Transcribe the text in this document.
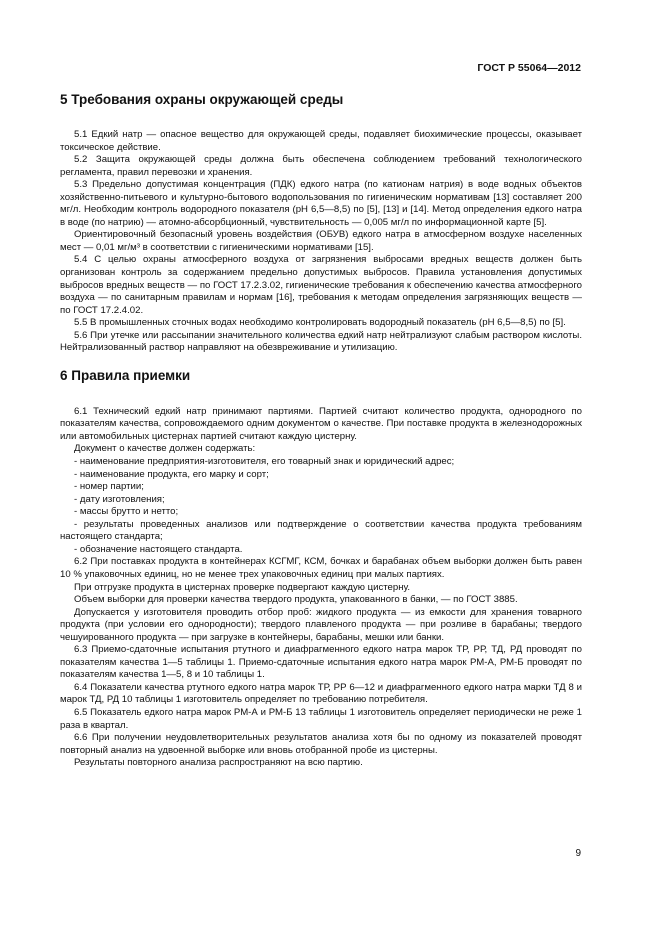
ГОСТ Р 55064—2012
5 Требования охраны окружающей среды

5.1 Едкий натр — опасное вещество для окружающей среды, подавляет биохимические процессы, оказывает токсическое действие.

5.2 Защита окружающей среды должна быть обеспечена соблюдением требований технологического регламента, правил перевозки и хранения.

5.3 Предельно допустимая концентрация (ПДК) едкого натра (по катионам натрия) в воде водных объектов хозяйственно-питьевого и культурно-бытового водопользования по гигиеническим нормативам [13] составляет 200 мг/л. Необходим контроль водородного показателя (pH 6,5—8,5) по [5], [13] и [14]. Метод определения едкого натра в воде (по натрию) — атомно-абсорбционный, чувствительность — 0,005 мг/л по информационной карте [5].

Ориентировочный безопасный уровень воздействия (ОБУВ) едкого натра в атмосферном воздухе населенных мест — 0,01 мг/м³ в соответствии с гигиеническими нормативами [15].

5.4 С целью охраны атмосферного воздуха от загрязнения выбросами вредных веществ должен быть организован контроль за содержанием предельно допустимых выбросов. Правила установления допустимых выбросов вредных веществ — по ГОСТ 17.2.3.02, гигиенические требования к обеспечению качества атмосферного воздуха — по санитарным правилам и нормам [16], требования к методам определения загрязняющих веществ — по ГОСТ 17.2.4.02.

5.5 В промышленных сточных водах необходимо контролировать водородный показатель (pH 6,5—8,5) по [5].

5.6 При утечке или рассыпании значительного количества едкий натр нейтрализуют слабым раствором кислоты. Нейтрализованный раствор направляют на обезвреживание и утилизацию.

6 Правила приемки

6.1 Технический едкий натр принимают партиями. Партией считают количество продукта, однородного по показателям качества, сопровождаемого одним документом о качестве. При поставке продукта в железнодорожных или автомобильных цистернах партией считают каждую цистерну.

Документ о качестве должен содержать:

- наименование предприятия-изготовителя, его товарный знак и юридический адрес;

- наименование продукта, его марку и сорт;

- номер партии;

- дату изготовления;

- массы брутто и нетто;

- результаты проведенных анализов или подтверждение о соответствии качества продукта требованиям настоящего стандарта;

- обозначение настоящего стандарта.

6.2 При поставках продукта в контейнерах КСГМГ, КСМ, бочках и барабанах объем выборки должен быть равен 10 % упаковочных единиц, но не менее трех упаковочных единиц при малых партиях.

При отгрузке продукта в цистернах проверке подвергают каждую цистерну.

Объем выборки для проверки качества твердого продукта, упакованного в банки, — по ГОСТ 3885.

Допускается у изготовителя проводить отбор проб: жидкого продукта — из емкости для хранения товарного продукта (при условии его однородности); твердого плавленого продукта — при розливе в барабаны; твердого чешуированного продукта — при загрузке в контейнеры, барабаны, мешки или банки.

6.3 Приемо-сдаточные испытания ртутного и диафрагменного едкого натра марок ТР, РР, ТД, РД проводят по показателям качества 1—5 таблицы 1. Приемо-сдаточные испытания едкого натра марок РМ-А, РМ-Б проводят по показателям качества 1—5, 8 и 10 таблицы 1.

6.4 Показатели качества ртутного едкого натра марок ТР, РР 6—12 и диафрагменного едкого натра марки ТД 8 и марок ТД, РД 10 таблицы 1 изготовитель определяет по требованию потребителя.

6.5 Показатель едкого натра марок РМ-А и РМ-Б 13 таблицы 1 изготовитель определяет периодически не реже 1 раза в квартал.

6.6 При получении неудовлетворительных результатов анализа хотя бы по одному из показателей проводят повторный анализ на удвоенной выборке или вновь отобранной пробе из цистерны.

Результаты повторного анализа распространяют на всю партию.

9
